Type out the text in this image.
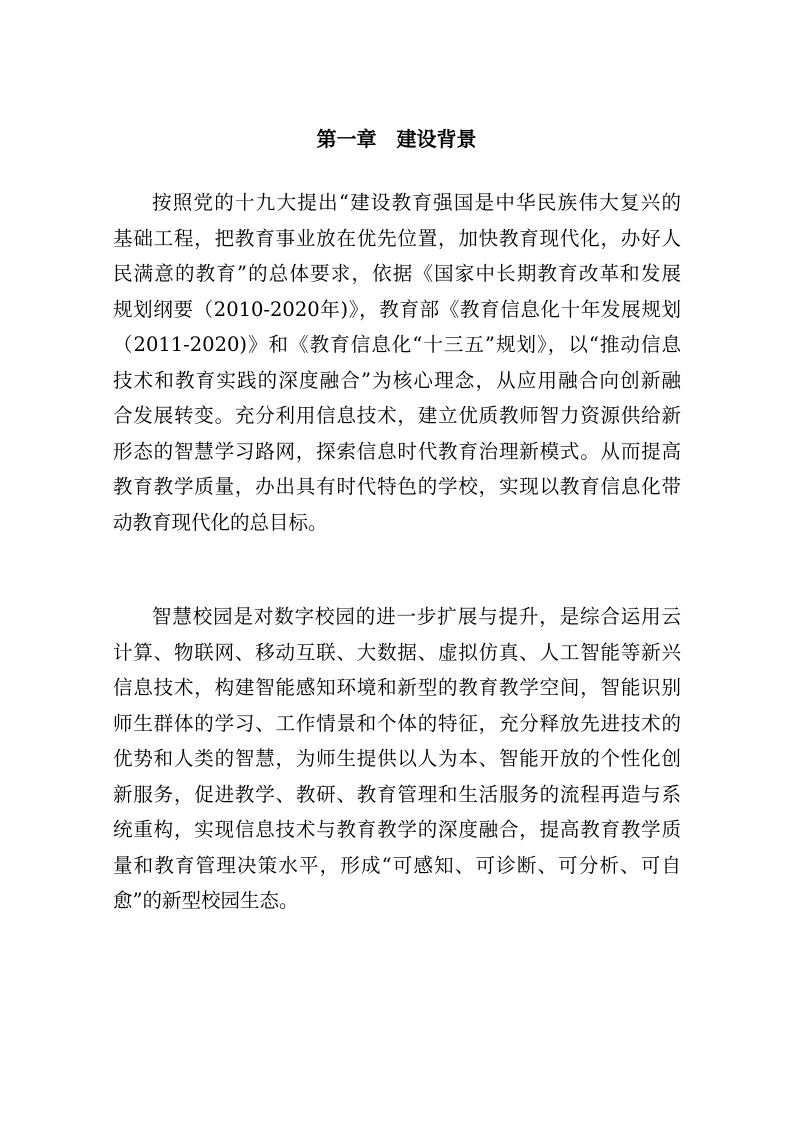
第一章　建设背景
按照党的十九大提出“建设教育强国是中华民族伟大复兴的
基础工程，把教育事业放在优先位置，加快教育现代化，办好人
民满意的教育”的总体要求，依据《国家中长期教育改革和发展
规划纲要（2010-2020年)》，教育部《教育信息化十年发展规划
（2011-2020)》和《教育信息化“十三五”规划》，以“推动信息
技术和教育实践的深度融合”为核心理念，从应用融合向创新融
合发展转变。充分利用信息技术，建立优质教师智力资源供给新
形态的智慧学习路网，探索信息时代教育治理新模式。从而提高
教育教学质量，办出具有时代特色的学校，实现以教育信息化带
动教育现代化的总目标。
智慧校园是对数字校园的进一步扩展与提升，是综合运用云
计算、物联网、移动互联、大数据、虚拟仿真、人工智能等新兴
信息技术，构建智能感知环境和新型的教育教学空间，智能识别
师生群体的学习、工作情景和个体的特征，充分释放先进技术的
优势和人类的智慧，为师生提供以人为本、智能开放的个性化创
新服务，促进教学、教研、教育管理和生活服务的流程再造与系
统重构，实现信息技术与教育教学的深度融合，提高教育教学质
量和教育管理决策水平，形成“可感知、可诊断、可分析、可自
愈”的新型校园生态。
